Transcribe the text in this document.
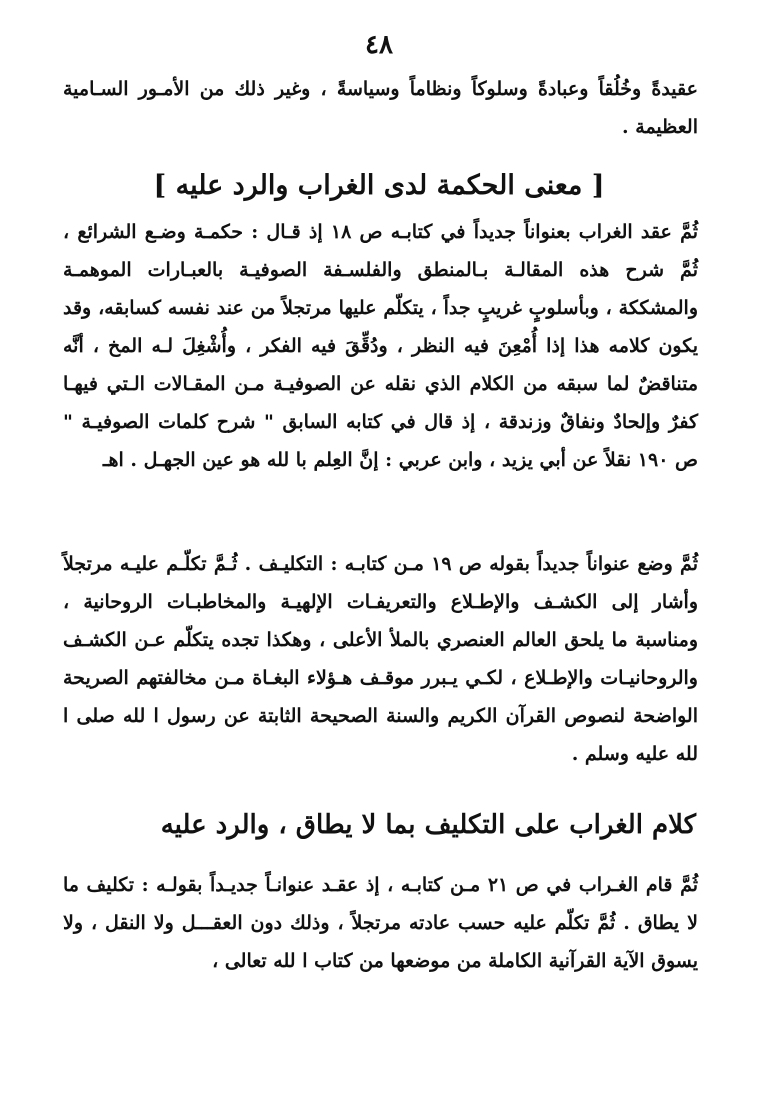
٤٨

عقيدةً وخُلُقاً وعبادةً وسلوكاً ونظاماً وسياسةً ، وغير ذلك من الأمـور السـامية العظيمة .

[ معنى الحكمة لدى الغراب والرد عليه ]

ثُمَّ عقد الغراب بعنواناً جديداً في كتابـه ص ١٨ إذ قـال : حكمـة وضـع الشرائع ، ثُمَّ شرح هذه المقالـة بـالمنطق والفلسـفة الصوفيـة بالعبـارات الموهمـة والمشككة ، وبأسلوبٍ غريبٍ جداً ، يتكلّم عليها مرتجلاً من عند نفسه كسابقه، وقد يكون كلامه هذا إذا أُمْعِنَ فيه النظر ، ودُقِّقَ فيه الفكر ، وأُشْغِلَ لـه المخ ، أنَّه متناقضٌ لما سبقه من الكلام الذي نقله عن الصوفيـة مـن المقـالات الـتي فيهـا كفرٌ وإلحادٌ ونفاقٌ وزندقة ، إذ قال في كتابه السابق " شرح كلمات الصوفيـة " ص ١٩٠ نقلاً عن أبي يزيد ، وابن عربي : إنَّ العِلم با لله هو عين الجهـل . اهـ

ثُمَّ وضع عنواناً جديداً بقوله ص ١٩ مـن كتابـه : التكليـف . ثُـمَّ تكلّـم عليـه مرتجلاً وأشار إلى الكشـف والإطـلاع والتعريفـات الإلهيـة والمخاطبـات الروحانية ، ومناسبة ما يلحق العالم العنصري بالملأ الأعلى ، وهكذا تجده يتكلّم عـن الكشـف والروحانيـات والإطـلاع ، لكـي يـبرر موقـف هـؤلاء البغـاة مـن مخالفتهم الصريحة الواضحة لنصوص القرآن الكريم والسنة الصحيحة الثابتة عن رسول ا لله صلى ا لله عليه وسلم .

كلام الغراب على التكليف بما لا يطاق ، والرد عليه

ثُمَّ قام الغـراب في ص ٢١ مـن كتابـه ، إذ عقـد عنوانـاً جديـداً بقولـه : تكليف ما لا يطاق . ثُمَّ تكلّم عليه حسب عادته مرتجلاً ، وذلك دون العقـــل ولا النقل ، ولا يسوق الآية القرآنية الكاملة من موضعها من كتاب ا لله تعالى ،
